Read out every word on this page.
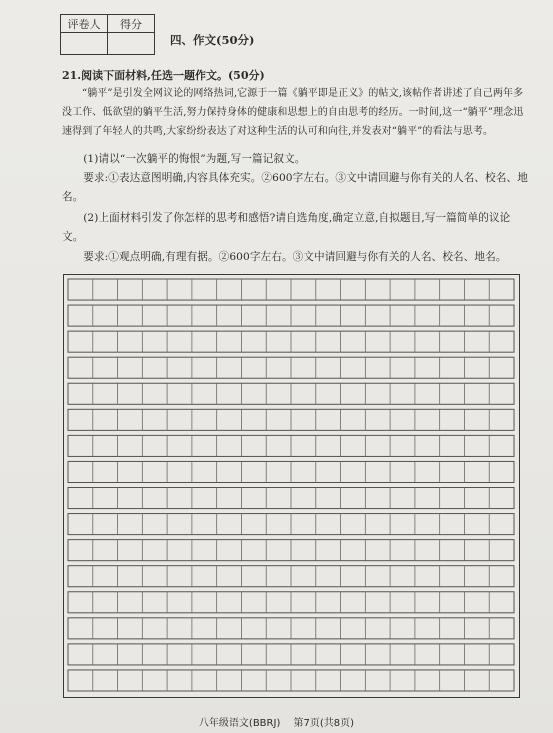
评卷人	得分

四、作文(50分)
21.阅读下面材料,任选一题作文。(50分)
“躺平”是引发全网议论的网络热词,它源于一篇《躺平即是正义》的帖文,该帖作者讲述了自己两年多没工作、低欲望的躺平生活,努力保持身体的健康和思想上的自由思考的经历。一时间,这一“躺平”理念迅速得到了年轻人的共鸣,大家纷纷表达了对这种生活的认可和向往,并发表对“躺平”的看法与思考。
(1)请以“一次躺平的悔恨”为题,写一篇记叙文。
要求:①表达意图明确,内容具体充实。②600字左右。③文中请回避与你有关的人名、校名、地名。
(2)上面材料引发了你怎样的思考和感悟?请自选角度,确定立意,自拟题目,写一篇简单的议论文。
要求:①观点明确,有理有据。②600字左右。③文中请回避与你有关的人名、校名、地名。
八年级语文(BBRJ) 第7页(共8页)
